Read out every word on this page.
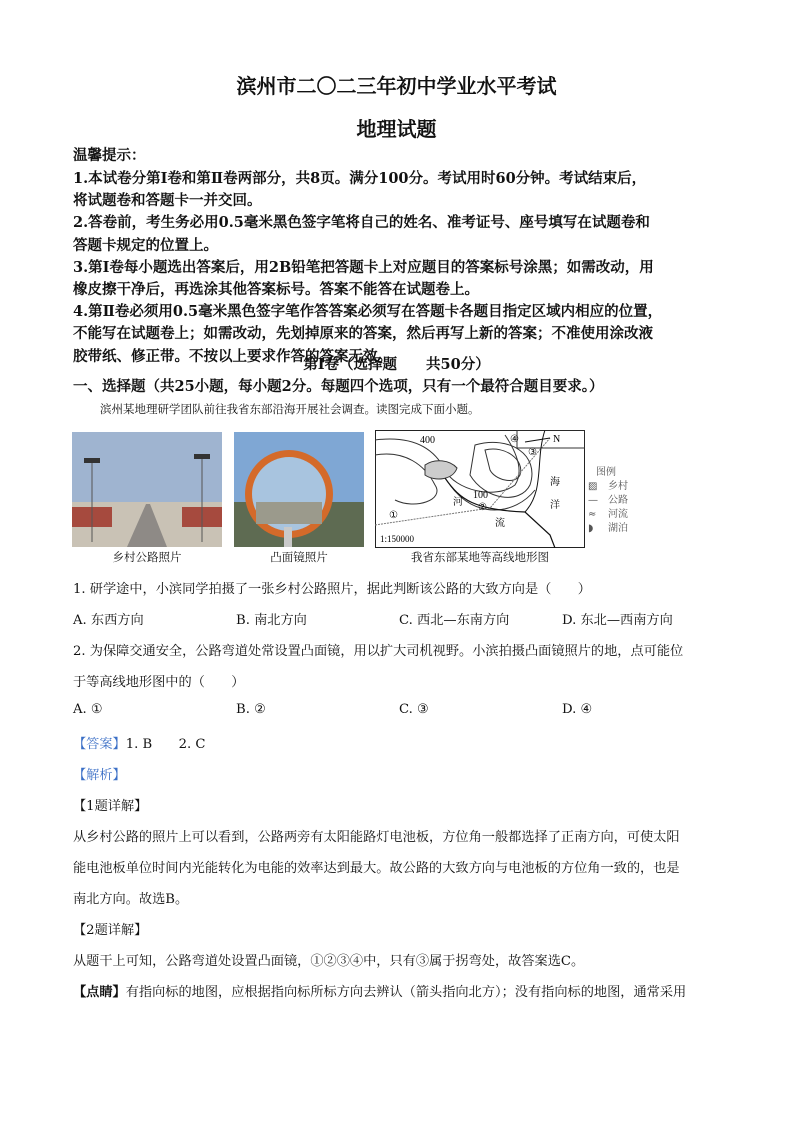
滨州市二〇二三年初中学业水平考试
地理试题
温馨提示：
第Ⅰ卷（选择题　　共50分）
一、选择题（共25小题，每小题2分。每题四个选项，只有一个最符合题目要求。）
滨州某地理研学团队前往我省东部沿海开展社会调查。读图完成下面小题。
乡村公路照片	凸面镜照片
N
400
100
海
洋
河
流
①
②
③
④
1:150000
我省东部某地等高线地形图
图例
▨ 乡村
— 公路
≈ 河流
◗ 湖泊
1. 研学途中，小滨同学拍摄了一张乡村公路照片，据此判断该公路的大致方向是（　　）
A. 东西方向	B. 南北方向	C. 西北—东南方向	D. 东北—西南方向
2. 为保障交通安全，公路弯道处常设置凸面镜，用以扩大司机视野。小滨拍摄凸面镜照片的地，点可能位
于等高线地形图中的（　　）
A. ①	B. ②	C. ③	D. ④
【答案】1. B　　2. C
【解析】
【1题详解】
【2题详解】
从题干上可知，公路弯道处设置凸面镜，①②③④中，只有③属于拐弯处，故答案选C。
【点睛】有指向标的地图，应根据指向标所标方向去辨认（箭头指向北方）；没有指向标的地图，通常采用
1.本试卷分第Ⅰ卷和第Ⅱ卷两部分，共8页。满分100分。考试用时60分钟。考试结束后，
将试题卷和答题卡一并交回。
2.答卷前，考生务必用0.5毫米黑色签字笔将自己的姓名、准考证号、座号填写在试题卷和
答题卡规定的位置上。
3.第Ⅰ卷每小题选出答案后，用2B铅笔把答题卡上对应题目的答案标号涂黑；如需改动，用
橡皮擦干净后，再选涂其他答案标号。答案不能答在试题卷上。
4.第Ⅱ卷必须用0.5毫米黑色签字笔作答答案必须写在答题卡各题目指定区域内相应的位置，
不能写在试题卷上；如需改动，先划掉原来的答案，然后再写上新的答案；不准使用涂改液
胶带纸、修正带。不按以上要求作答的答案无效。
从乡村公路的照片上可以看到，公路两旁有太阳能路灯电池板，方位角一般都选择了正南方向，可使太阳
能电池板单位时间内光能转化为电能的效率达到最大。故公路的大致方向与电池板的方位角一致的，也是
南北方向。故选B。
